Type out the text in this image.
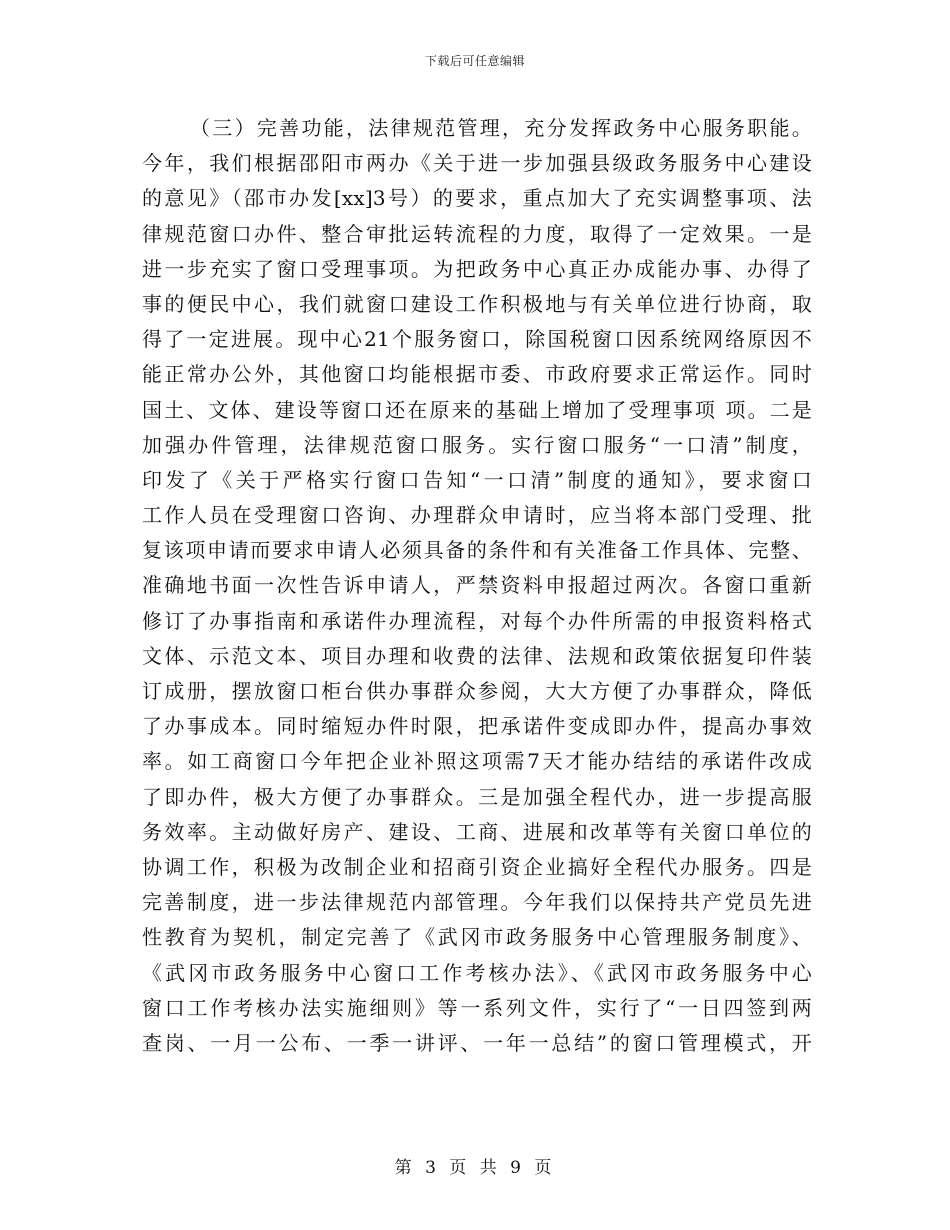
下载后可任意编辑
（三）完善功能，法律规范管理，充分发挥政务中心服务职能。
今年，我们根据邵阳市两办《关于进一步加强县级政务服务中心建设
的意见》（邵市办发[xx]3号）的要求，重点加大了充实调整事项、法
律规范窗口办件、整合审批运转流程的力度，取得了一定效果。一是
进一步充实了窗口受理事项。为把政务中心真正办成能办事、办得了
事的便民中心，我们就窗口建设工作积极地与有关单位进行协商，取
得了一定进展。现中心21个服务窗口，除国税窗口因系统网络原因不
能正常办公外，其他窗口均能根据市委、市政府要求正常运作。同时
国土、文体、建设等窗口还在原来的基础上增加了受理事项 项。二是
加强办件管理，法律规范窗口服务。实行窗口服务“一口清”制度，
印发了《关于严格实行窗口告知“一口清”制度的通知》，要求窗口
工作人员在受理窗口咨询、办理群众申请时，应当将本部门受理、批
复该项申请而要求申请人必须具备的条件和有关准备工作具体、完整、
准确地书面一次性告诉申请人，严禁资料申报超过两次。各窗口重新
修订了办事指南和承诺件办理流程，对每个办件所需的申报资料格式
文体、示范文本、项目办理和收费的法律、法规和政策依据复印件装
订成册，摆放窗口柜台供办事群众参阅，大大方便了办事群众，降低
了办事成本。同时缩短办件时限，把承诺件变成即办件，提高办事效
率。如工商窗口今年把企业补照这项需7天才能办结结的承诺件改成
了即办件，极大方便了办事群众。三是加强全程代办，进一步提高服
务效率。主动做好房产、建设、工商、进展和改革等有关窗口单位的
协调工作，积极为改制企业和招商引资企业搞好全程代办服务。四是
完善制度，进一步法律规范内部管理。今年我们以保持共产党员先进
性教育为契机，制定完善了《武冈市政务服务中心管理服务制度》、
《武冈市政务服务中心窗口工作考核办法》、《武冈市政务服务中心
窗口工作考核办法实施细则》等一系列文件，实行了“一日四签到两
查岗、一月一公布、一季一讲评、一年一总结”的窗口管理模式，开
第 3 页 共 9 页
